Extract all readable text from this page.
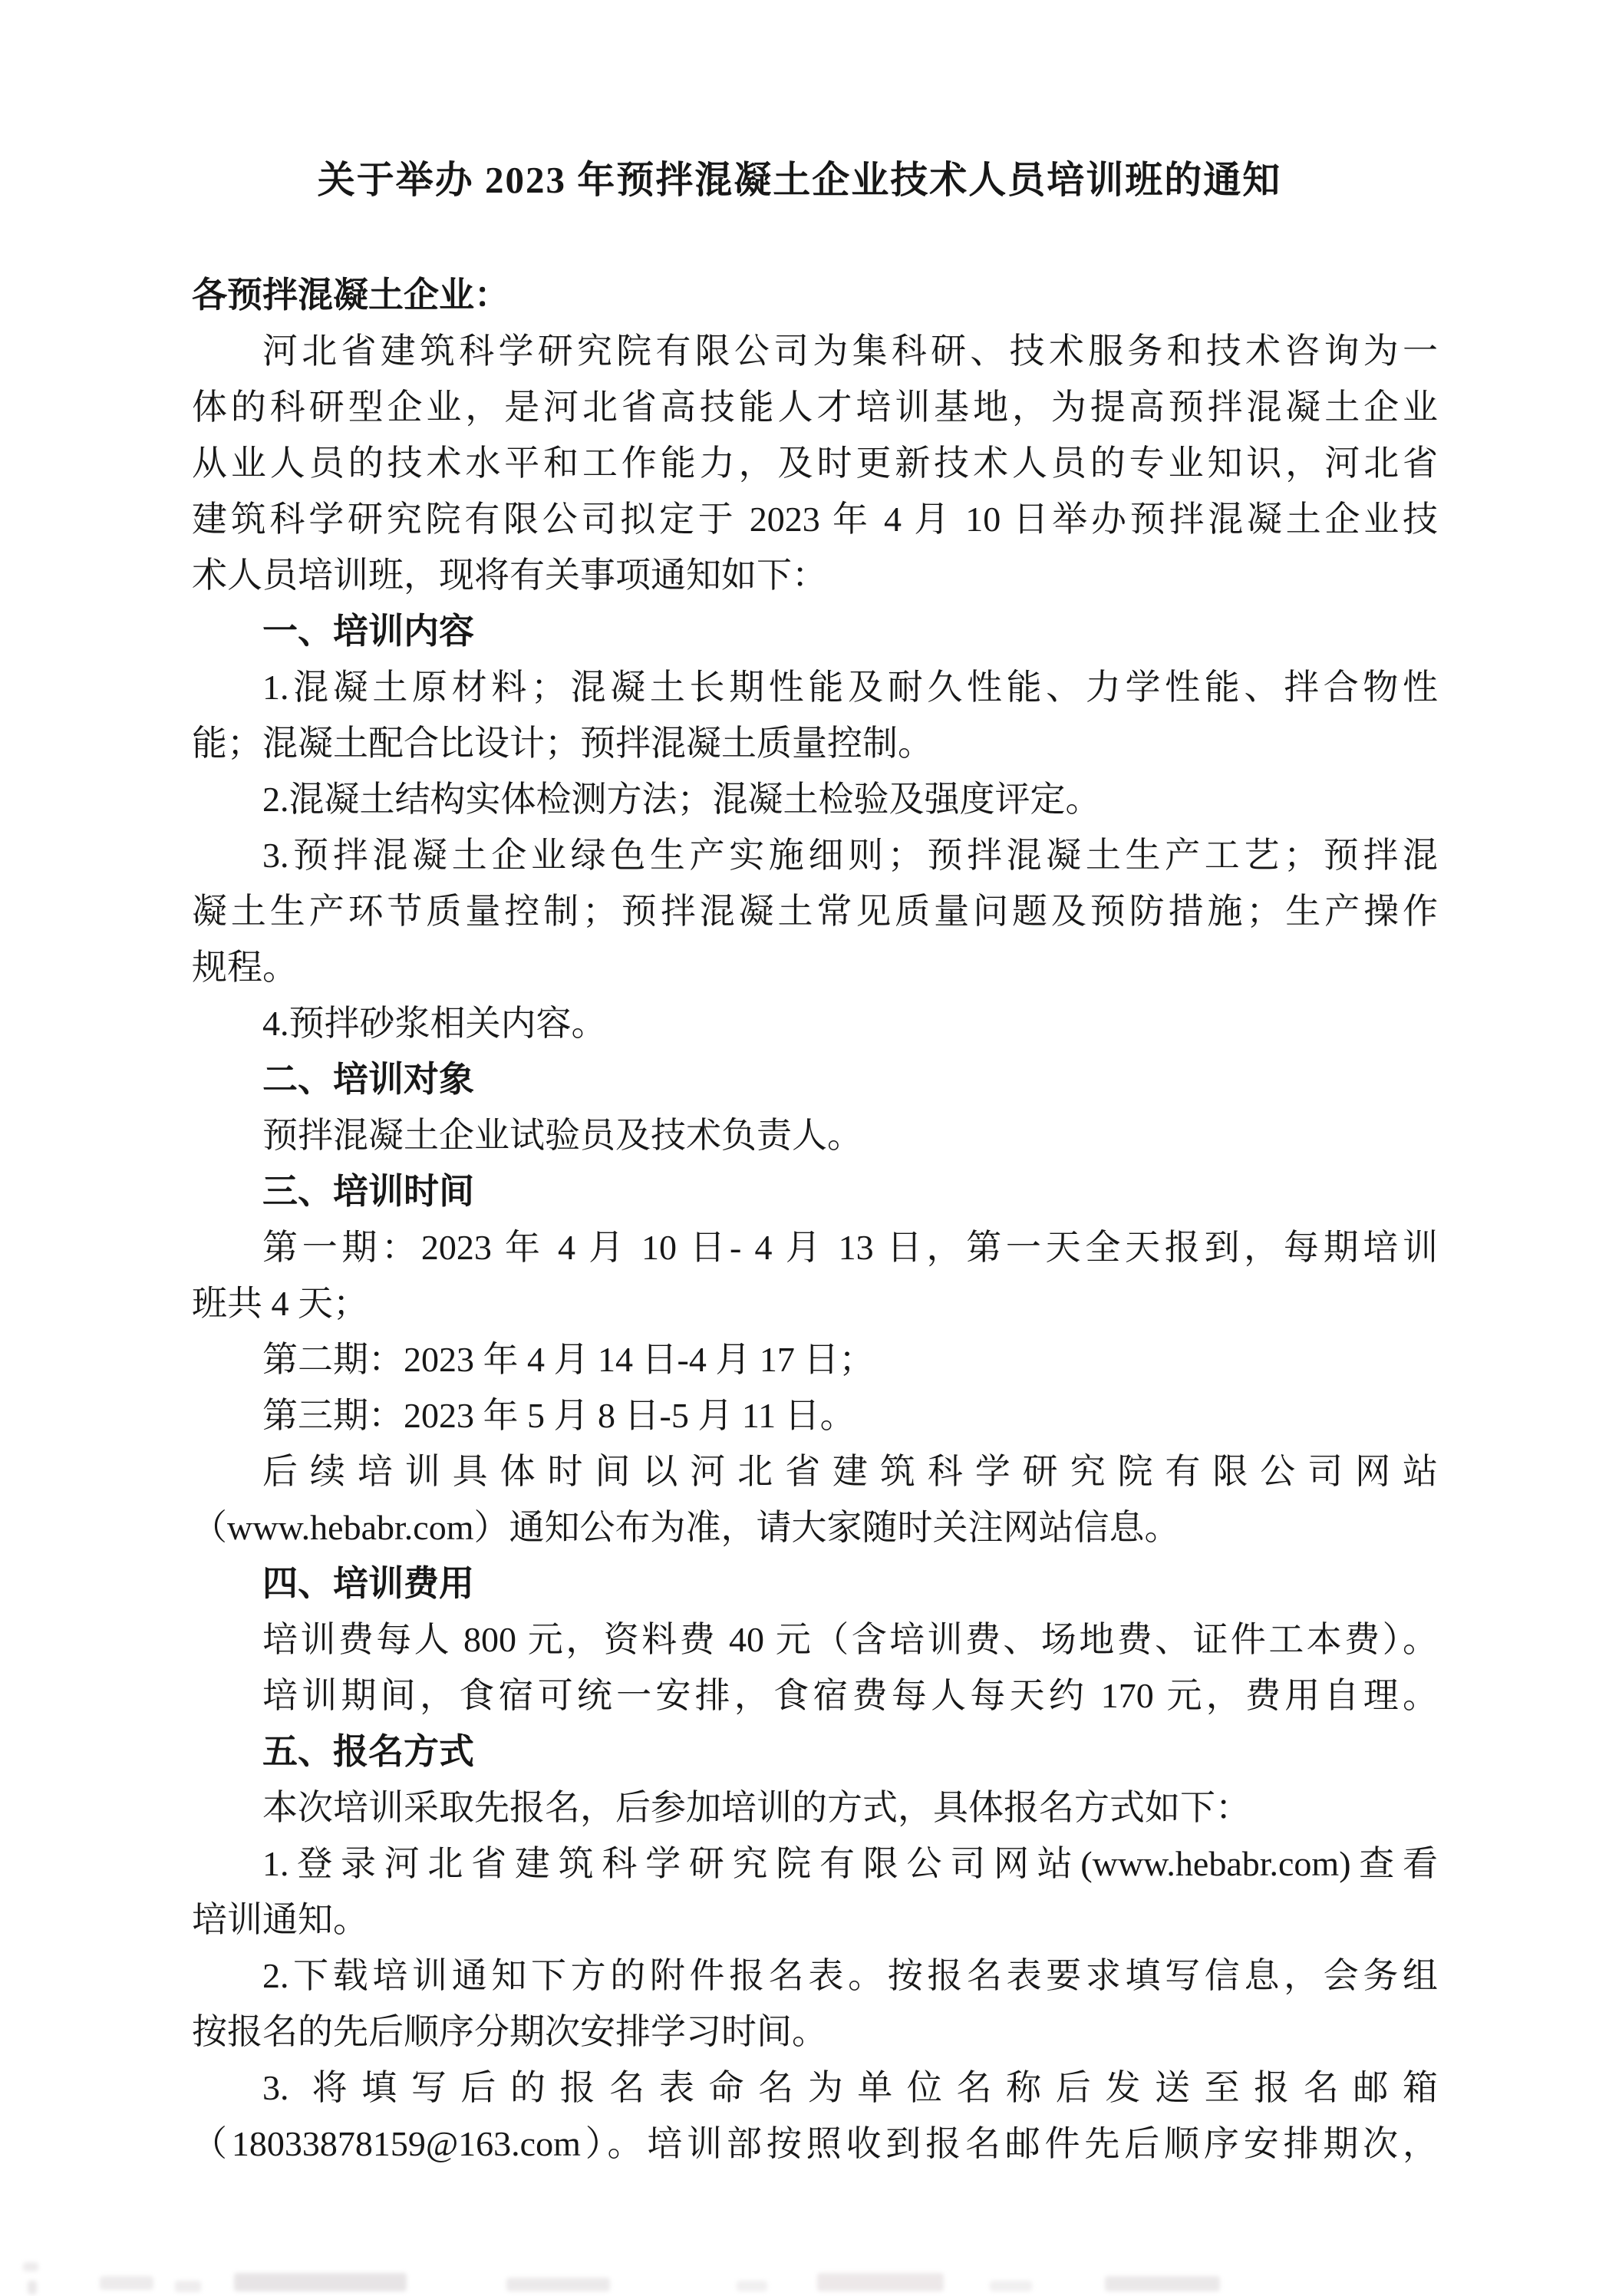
关于举办 2023 年预拌混凝土企业技术人员培训班的通知
各预拌混凝土企业：
河北省建筑科学研究院有限公司为集科研、技术服务和技术咨询为一
体的科研型企业，是河北省高技能人才培训基地，为提高预拌混凝土企业
从业人员的技术水平和工作能力，及时更新技术人员的专业知识，河北省
建筑科学研究院有限公司拟定于 2023 年 4 月 10 日举办预拌混凝土企业技
术人员培训班，现将有关事项通知如下：
一、培训内容
1.混凝土原材料；混凝土长期性能及耐久性能、力学性能、拌合物性
能；混凝土配合比设计；预拌混凝土质量控制。
2.混凝土结构实体检测方法；混凝土检验及强度评定。
3.预拌混凝土企业绿色生产实施细则；预拌混凝土生产工艺；预拌混
凝土生产环节质量控制；预拌混凝土常见质量问题及预防措施；生产操作
规程。
4.预拌砂浆相关内容。
二、培训对象
预拌混凝土企业试验员及技术负责人。
三、培训时间
第一期：2023 年 4 月 10 日- 4 月 13 日，第一天全天报到，每期培训
班共 4 天；
第二期：2023 年 4 月 14 日-4 月 17 日；
第三期：2023 年 5 月 8 日-5 月 11 日。
后续培训具体时间以河北省建筑科学研究院有限公司网站
（www.hebabr.com）通知公布为准，请大家随时关注网站信息。
四、培训费用
培训费每人 800 元，资料费 40 元（含培训费、场地费、证件工本费）。
培训期间，食宿可统一安排，食宿费每人每天约 170 元，费用自理。
五、报名方式
本次培训采取先报名，后参加培训的方式，具体报名方式如下：
1.登录河北省建筑科学研究院有限公司网站(www.hebabr.com)查看
培训通知。
2.下载培训通知下方的附件报名表。按报名表要求填写信息，会务组
按报名的先后顺序分期次安排学习时间。
3. 将填写后的报名表命名为单位名称后发送至报名邮箱
（18033878159@163.com）。培训部按照收到报名邮件先后顺序安排期次，
